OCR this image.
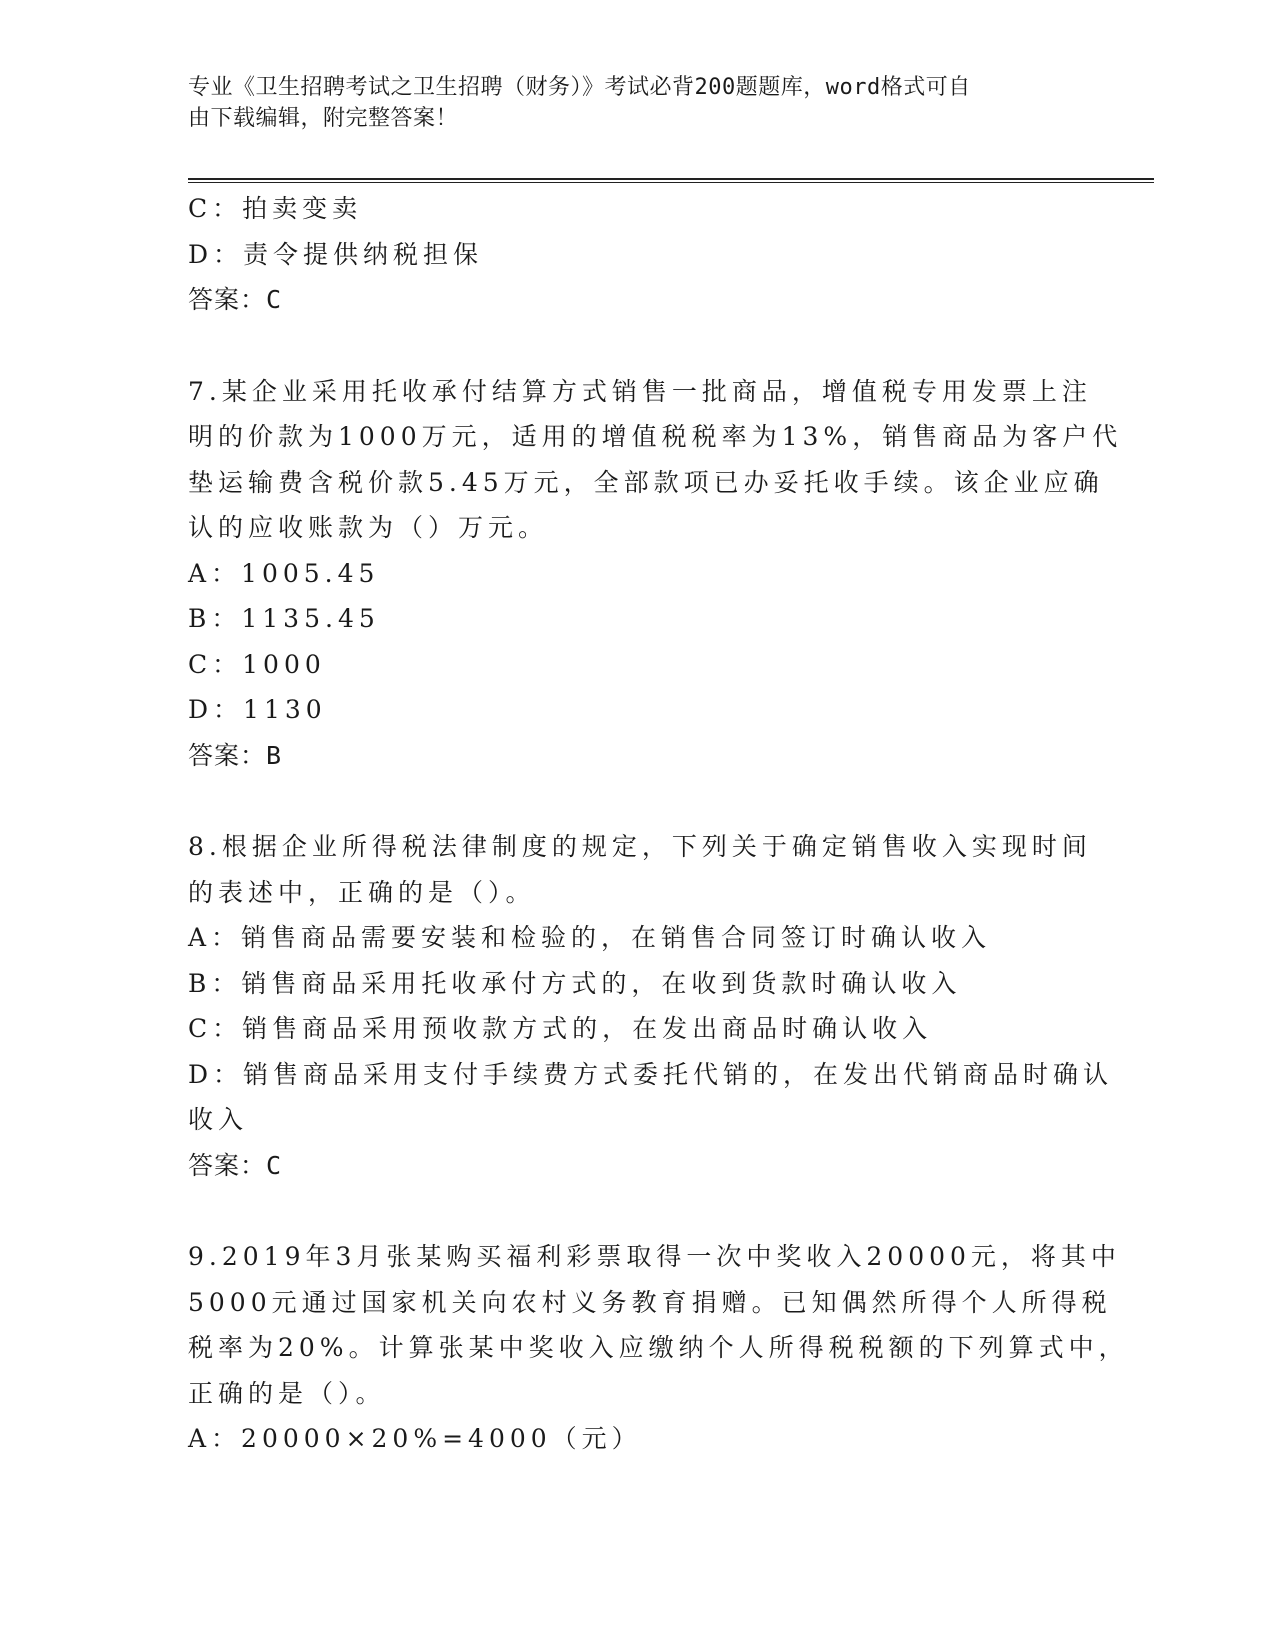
专业《卫生招聘考试之卫生招聘（财务）》考试必背200题题库，word格式可自
由下载编辑，附完整答案！
C：拍卖变卖
D：责令提供纳税担保
答案：C
7.某企业采用托收承付结算方式销售一批商品，增值税专用发票上注
明的价款为1000万元，适用的增值税税率为13%，销售商品为客户代
垫运输费含税价款5.45万元，全部款项已办妥托收手续。该企业应确
认的应收账款为（）万元。
A：1005.45
B：1135.45
C：1000
D：1130
答案：B
8.根据企业所得税法律制度的规定，下列关于确定销售收入实现时间
的表述中，正确的是（）。
A：销售商品需要安装和检验的，在销售合同签订时确认收入
B：销售商品采用托收承付方式的，在收到货款时确认收入
C：销售商品采用预收款方式的，在发出商品时确认收入
D：销售商品采用支付手续费方式委托代销的，在发出代销商品时确认
收入
答案：C
9.2019年3月张某购买福利彩票取得一次中奖收入20000元，将其中
5000元通过国家机关向农村义务教育捐赠。已知偶然所得个人所得税
税率为20%。计算张某中奖收入应缴纳个人所得税税额的下列算式中，
正确的是（）。
A：20000×20%=4000（元）
